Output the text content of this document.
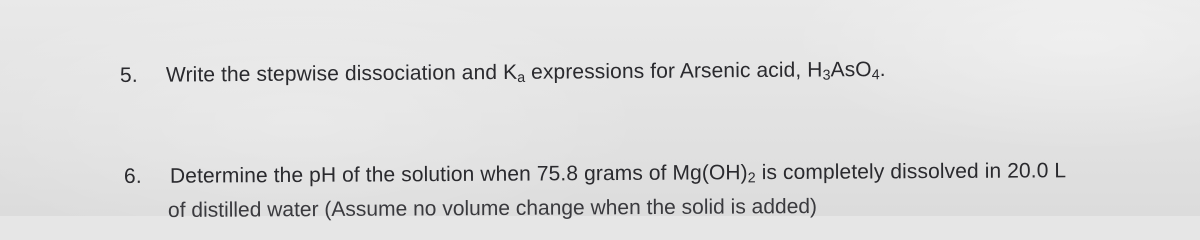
5. Write the stepwise dissociation and $K_a$ expressions for Arsenic acid, $H_3AsO_4$.
6. Determine the pH of the solution when 75.8 grams of $Mg(OH)_2$ is completely dissolved in 20.0 L
of distilled water (Assume no volume change when the solid is added)
